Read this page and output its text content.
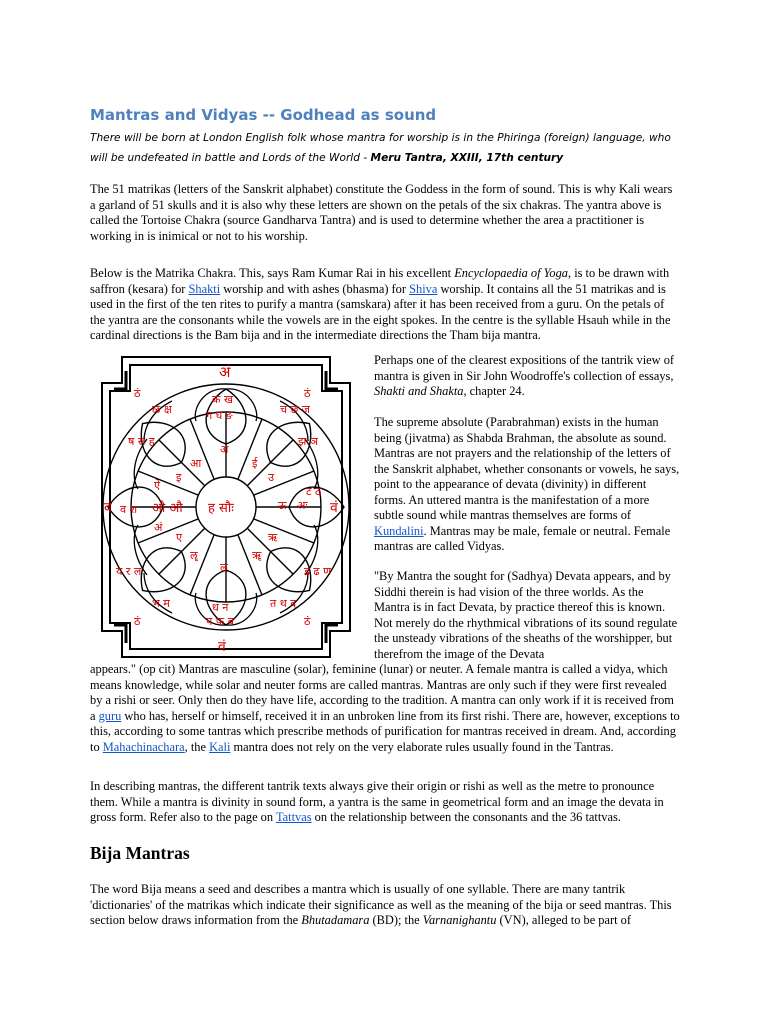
Mantras and Vidyas -- Godhead as sound

There will be born at London English folk whose mantra for worship is in the Phiringa (foreign) language, who will be undefeated in battle and Lords of the World - Meru Tantra, XXIII, 17th century

The 51 matrikas (letters of the Sanskrit alphabet) constitute the Goddess in the form of sound. This is why Kali wears a garland of 51 skulls and it is also why these letters are shown on the petals of the six chakras. The yantra above is called the Tortoise Chakra (source Gandharva Tantra) and is used to determine whether the area a practitioner is working in is inimical or not to his worship.

Below is the Matrika Chakra. This, says Ram Kumar Rai in his excellent Encyclopaedia of Yoga, is to be drawn with saffron (kesara) for Shakti worship and with ashes (bhasma) for Shiva worship. It contains all the 51 matrikas and is used in the first of the ten rites to purify a mantra (samskara) after it has been received from a guru. On the petals of the yantra are the consonants while the vowels are in the eight spokes. In the centre is the syllable Hsauh while in the cardinal directions is the Bam bija and in the intermediate directions the Tham bija mantra.

अं
क ख
ग घ ङ
ह सौः
ओ औ
अ
आ
इ
ई
उ
ऊ
ऋ
ॠ
ऌ
ॡ
ए
ऐ
अं
अः
च छ ज
झ ञ
ट ठ
ड ढ ण
त थ द
ध न
प फ ब
भ म
य र ल
व श
ष स ह
ळ क्ष
ठं	ठं
ठं	ठं
वं
वं	वं
वं

Perhaps one of the clearest expositions of the tantrik view of mantra is given in Sir John Woodroffe's collection of essays, Shakti and Shakta, chapter 24.

The supreme absolute (Parabrahman) exists in the human being (jivatma) as Shabda Brahman, the absolute as sound. Mantras are not prayers and the relationship of the letters of the Sanskrit alphabet, whether consonants or vowels, he says, point to the appearance of devata (divinity) in different forms. An uttered mantra is the manifestation of a more subtle sound while mantras themselves are forms of Kundalini. Mantras may be male, female or neutral. Female mantras are called Vidyas.

"By Mantra the sought for (Sadhya) Devata appears, and by Siddhi therein is had vision of the three worlds. As the Mantra is in fact Devata, by practice thereof this is known. Not merely do the rhythmical vibrations of its sound regulate the unsteady vibrations of the sheaths of the worshipper, but therefrom the image of the Devata

appears." (op cit) Mantras are masculine (solar), feminine (lunar) or neuter. A female mantra is called a vidya, which means knowledge, while solar and neuter forms are called mantras. Mantras are only such if they were first revealed by a rishi or seer. Only then do they have life, according to the tradition. A mantra can only work if it is received from a guru who has, herself or himself, received it in an unbroken line from its first rishi. There are, however, exceptions to this, according to some tantras which prescribe methods of purification for mantras received in dream. And, according to Mahachinachara, the Kali mantra does not rely on the very elaborate rules usually found in the Tantras.

In describing mantras, the different tantrik texts always give their origin or rishi as well as the metre to pronounce them. While a mantra is divinity in sound form, a yantra is the same in geometrical form and an image the devata in gross form. Refer also to the page on Tattvas on the relationship between the consonants and the 36 tattvas.

Bija Mantras

The word Bija means a seed and describes a mantra which is usually of one syllable. There are many tantrik 'dictionaries' of the matrikas which indicate their significance as well as the meaning of the bija or seed mantras. This section below draws information from the Bhutadamara (BD); the Varnanighantu (VN), alleged to be part of
